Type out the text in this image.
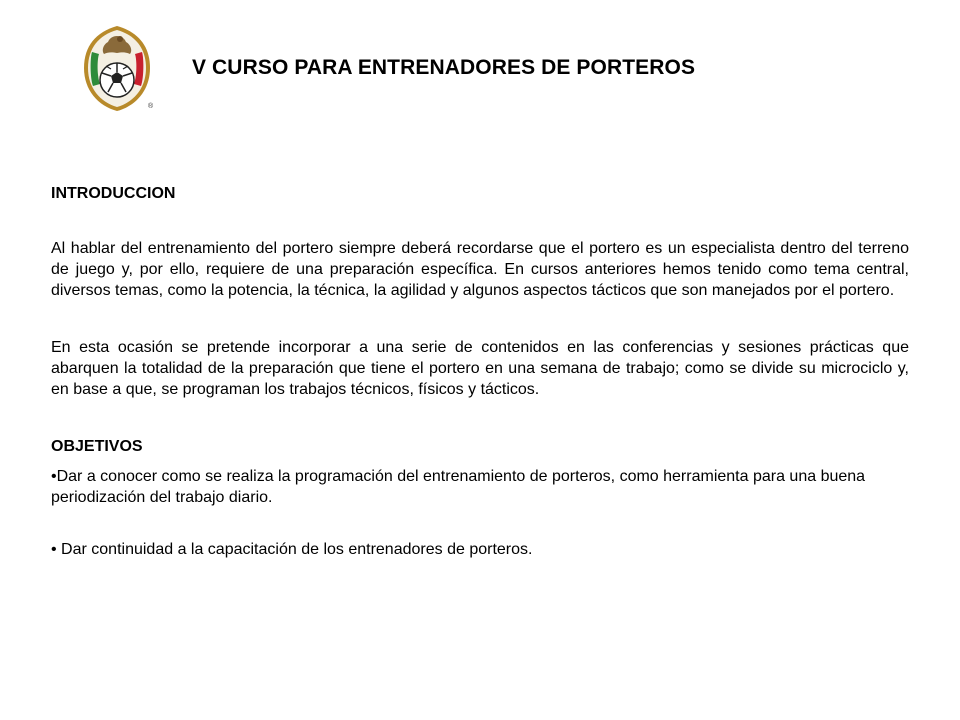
®
V CURSO PARA ENTRENADORES DE PORTEROS

INTRODUCCION

Al hablar del entrenamiento del portero siempre deberá recordarse que el portero es un especialista dentro del terreno de juego y, por ello, requiere de una preparación específica. En cursos anteriores hemos tenido como tema central, diversos temas, como la potencia, la técnica, la agilidad y algunos aspectos tácticos que son manejados por el portero.

En esta ocasión se pretende incorporar a una serie de contenidos en las conferencias y sesiones prácticas que abarquen la totalidad de la preparación que tiene el portero en una semana de trabajo; como se divide su microciclo y, en base a que, se programan los trabajos técnicos, físicos y tácticos.

OBJETIVOS

•Dar a conocer como se realiza la programación del entrenamiento de porteros, como herramienta para una buena periodización del trabajo diario.

• Dar continuidad a la capacitación de los entrenadores de porteros.
